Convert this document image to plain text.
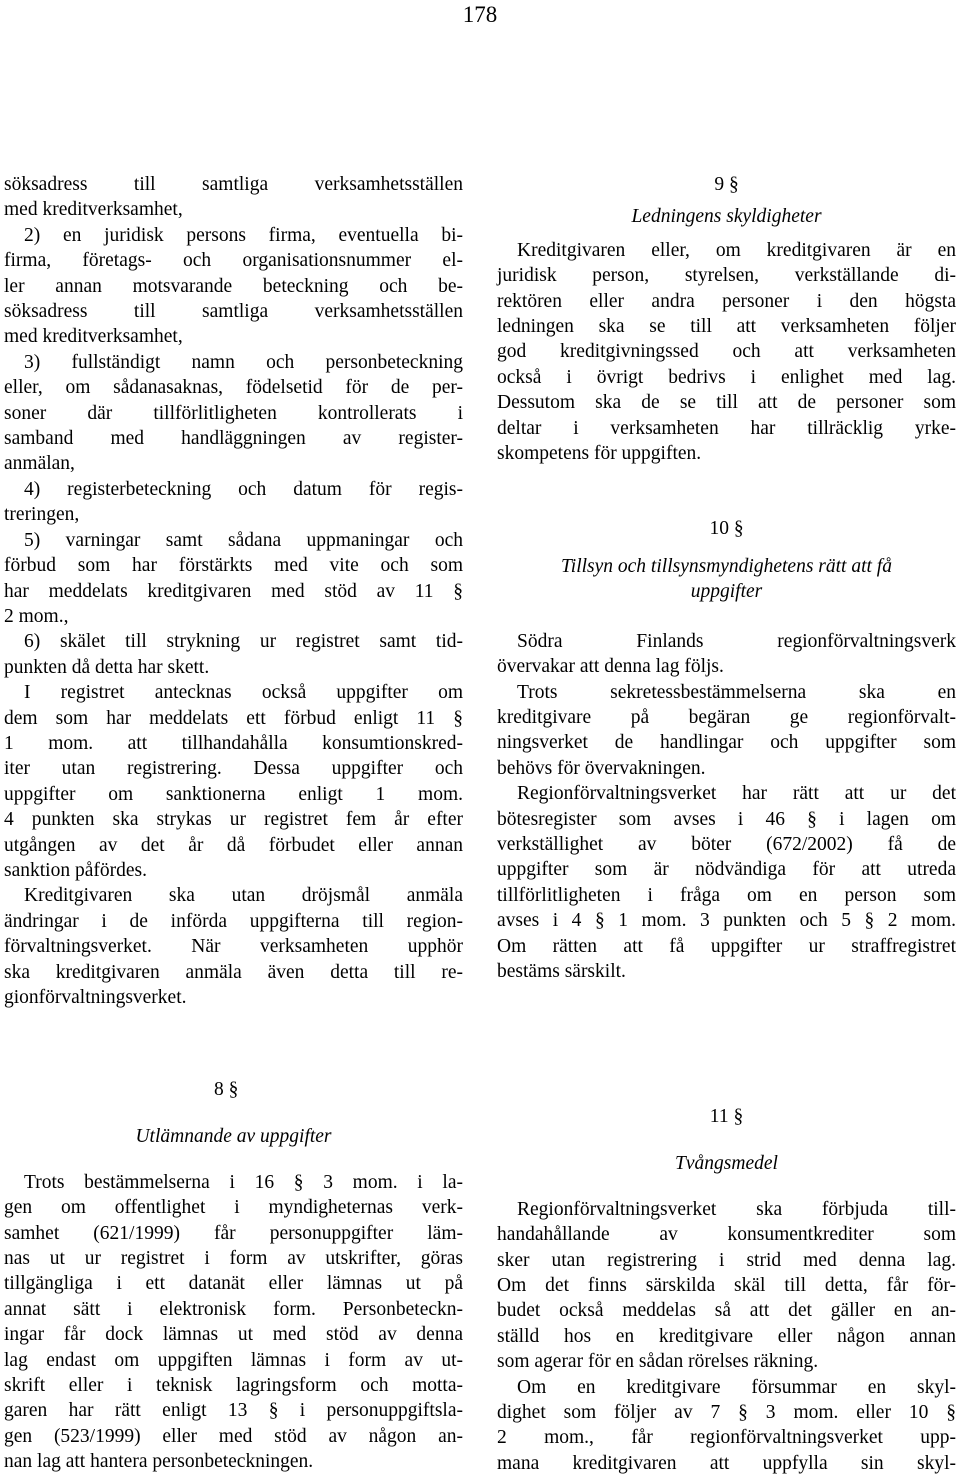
178
söksadress till samtliga verksamhetsställen
med kreditverksamhet,
2) en juridisk persons firma, eventuella bi-
firma, företags- och organisationsnummer el-
ler annan motsvarande beteckning och be-
söksadress till samtliga verksamhetsställen
med kreditverksamhet,
3) fullständigt namn och personbeteckning
eller, om sådanasaknas, födelsetid för de per-
soner där tillförlitligheten kontrollerats i
samband med handläggningen av register-
anmälan,
4) registerbeteckning och datum för regis-
treringen,
5) varningar samt sådana uppmaningar och
förbud som har förstärkts med vite och som
har meddelats kreditgivaren med stöd av 11 §
2 mom.,
6) skälet till strykning ur registret samt tid-
punkten då detta har skett.
I registret antecknas också uppgifter om
dem som har meddelats ett förbud enligt 11 §
1 mom. att tillhandahålla konsumtionskred-
iter utan registrering. Dessa uppgifter och
uppgifter om sanktionerna enligt 1 mom.
4 punkten ska strykas ur registret fem år efter
utgången av det år då förbudet eller annan
sanktion påfördes.
Kreditgivaren ska utan dröjsmål anmäla
ändringar i de införda uppgifterna till region-
förvaltningsverket. När verksamheten upphör
ska kreditgivaren anmäla även detta till re-
gionförvaltningsverket.
9 §
Ledningens skyldigheter
Kreditgivaren eller, om kreditgivaren är en
juridisk person, styrelsen, verkställande di-
rektören eller andra personer i den högsta
ledningen ska se till att verksamheten följer
god kreditgivningssed och att verksamheten
också i övrigt bedrivs i enlighet med lag.
Dessutom ska de se till att de personer som
deltar i verksamheten har tillräcklig yrke-
skompetens för uppgiften.
10 §
Tillsyn och tillsynsmyndighetens rätt att få
uppgifter
Södra Finlands regionförvaltningsverk
övervakar att denna lag följs.
Trots sekretessbestämmelserna ska en
kreditgivare på begäran ge regionförvalt-
ningsverket de handlingar och uppgifter som
behövs för övervakningen.
Regionförvaltningsverket har rätt att ur det
bötesregister som avses i 46 § i lagen om
verkställighet av böter (672/2002) få de
uppgifter som är nödvändiga för att utreda
tillförlitligheten i fråga om en person som
avses i 4 § 1 mom. 3 punkten och 5 § 2 mom.
Om rätten att få uppgifter ur straffregistret
bestäms särskilt.
8 §
Utlämnande av uppgifter
Trots bestämmelserna i 16 § 3 mom. i la-
gen om offentlighet i myndigheternas verk-
samhet (621/1999) får personuppgifter läm-
nas ut ur registret i form av utskrifter, göras
tillgängliga i ett datanät eller lämnas ut på
annat sätt i elektronisk form. Personbeteckn-
ingar får dock lämnas ut med stöd av denna
lag endast om uppgiften lämnas i form av ut-
skrift eller i teknisk lagringsform och motta-
garen har rätt enligt 13 § i personuppgiftsla-
gen (523/1999) eller med stöd av någon an-
nan lag att hantera personbeteckningen.
11 §
Tvångsmedel
Regionförvaltningsverket ska förbjuda till-
handahållande av konsumentkrediter som
sker utan registrering i strid med denna lag.
Om det finns särskilda skäl till detta, får för-
budet också meddelas så att det gäller en an-
ställd hos en kreditgivare eller någon annan
som agerar för en sådan rörelses räkning.
Om en kreditgivare försummar en skyl-
dighet som följer av 7 § 3 mom. eller 10 §
2 mom., får regionförvaltningsverket upp-
mana kreditgivaren att uppfylla sin skyl-
